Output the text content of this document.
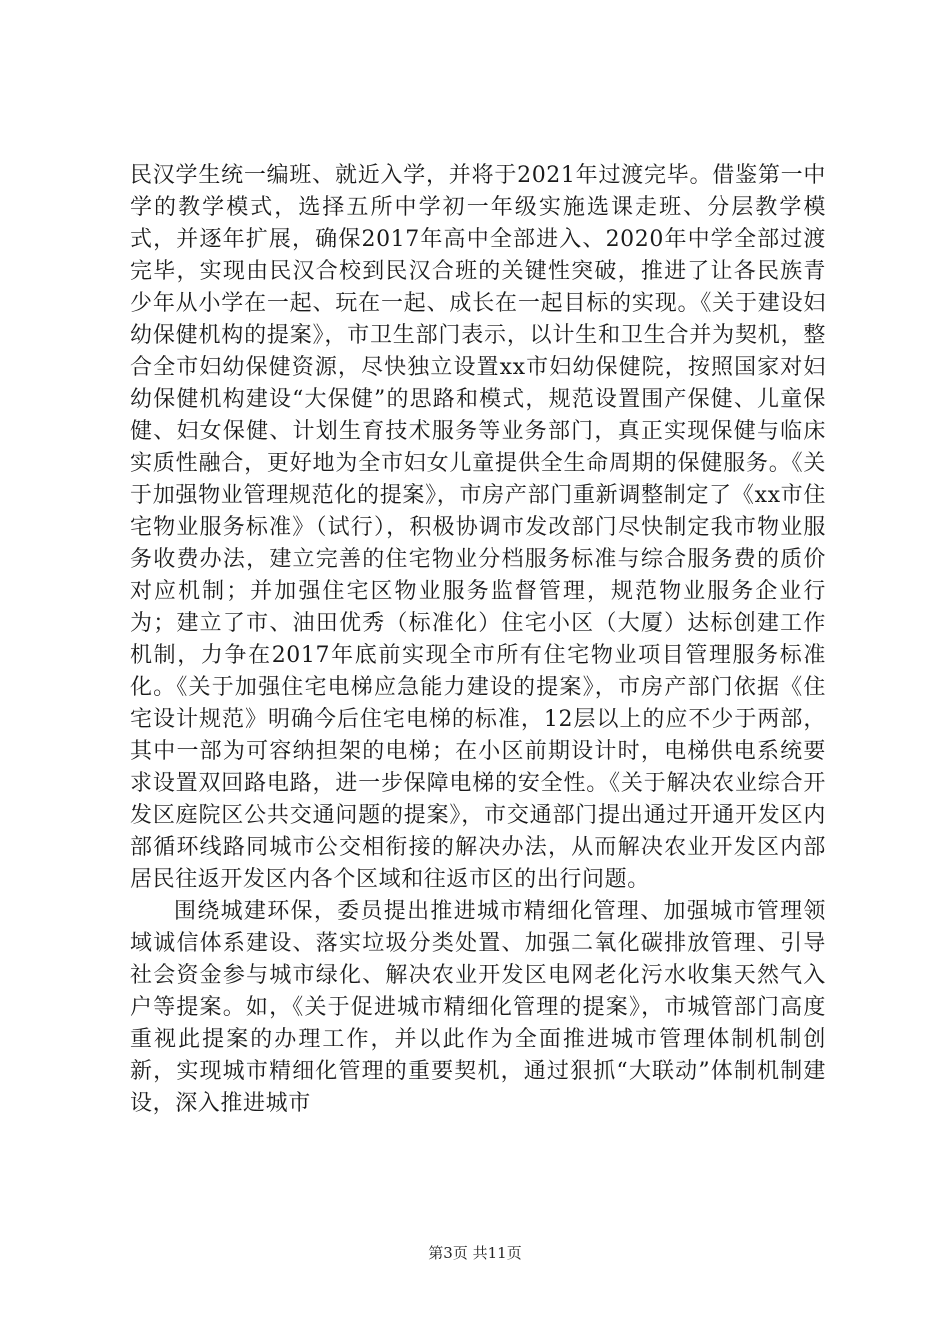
民汉学生统一编班、就近入学，并将于2021年过渡完毕。借鉴第一中学的教学模式，选择五所中学初一年级实施选课走班、分层教学模式，并逐年扩展，确保2017年高中全部进入、2020年中学全部过渡完毕，实现由民汉合校到民汉合班的关键性突破，推进了让各民族青少年从小学在一起、玩在一起、成长在一起目标的实现。《关于建设妇幼保健机构的提案》，市卫生部门表示，以计生和卫生合并为契机，整合全市妇幼保健资源，尽快独立设置xx市妇幼保健院，按照国家对妇幼保健机构建设“大保健”的思路和模式，规范设置围产保健、儿童保健、妇女保健、计划生育技术服务等业务部门，真正实现保健与临床实质性融合，更好地为全市妇女儿童提供全生命周期的保健服务。《关于加强物业管理规范化的提案》，市房产部门重新调整制定了《xx市住宅物业服务标准》（试行），积极协调市发改部门尽快制定我市物业服务收费办法，建立完善的住宅物业分档服务标准与综合服务费的质价对应机制；并加强住宅区物业服务监督管理，规范物业服务企业行为；建立了市、油田优秀（标准化）住宅小区（大厦）达标创建工作机制，力争在2017年底前实现全市所有住宅物业项目管理服务标准化。《关于加强住宅电梯应急能力建设的提案》，市房产部门依据《住宅设计规范》明确今后住宅电梯的标准，12层以上的应不少于两部，其中一部为可容纳担架的电梯；在小区前期设计时，电梯供电系统要求设置双回路电路，进一步保障电梯的安全性。《关于解决农业综合开发区庭院区公共交通问题的提案》，市交通部门提出通过开通开发区内部循环线路同城市公交相衔接的解决办法，从而解决农业开发区内部居民往返开发区内各个区域和往返市区的出行问题。

围绕城建环保，委员提出推进城市精细化管理、加强城市管理领域诚信体系建设、落实垃圾分类处置、加强二氧化碳排放管理、引导社会资金参与城市绿化、解决农业开发区电网老化污水收集天然气入户等提案。如，《关于促进城市精细化管理的提案》，市城管部门高度重视此提案的办理工作，并以此作为全面推进城市管理体制机制创新，实现城市精细化管理的重要契机，通过狠抓“大联动”体制机制建设，深入推进城市

第3页 共11页
